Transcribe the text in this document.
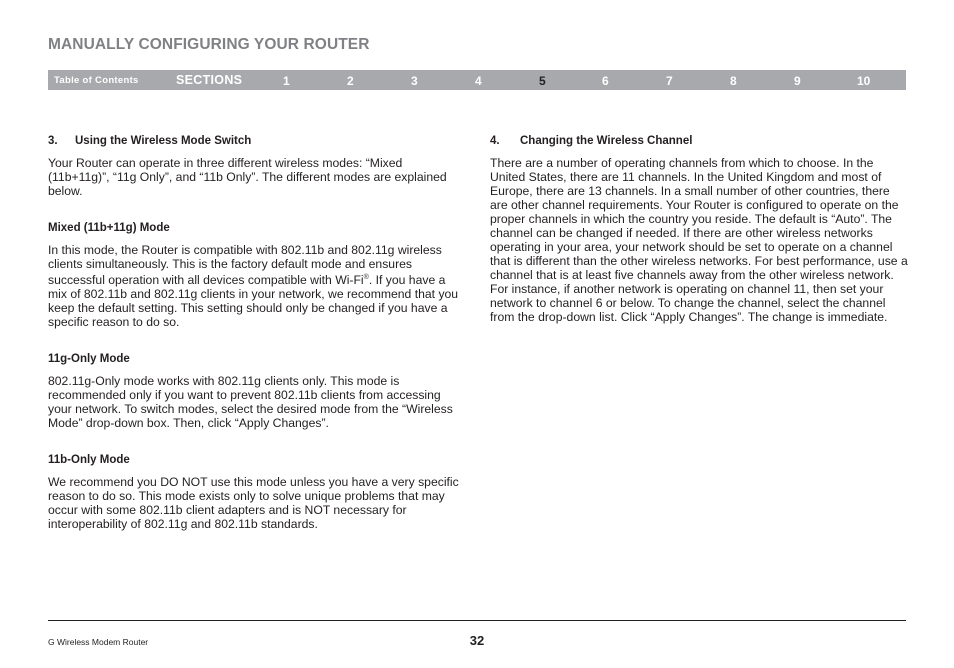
MANUALLY CONFIGURING YOUR ROUTER
Table of Contents	SECTIONS	1	2	3	4	5	6	7	8	9	10
3. Using the Wireless Mode Switch

Your Router can operate in three different wireless modes: “Mixed (11b+11g)”, “11g Only”, and “11b Only”. The different modes are explained below.

Mixed (11b+11g) Mode

In this mode, the Router is compatible with 802.11b and 802.11g wireless clients simultaneously. This is the factory default mode and ensures successful operation with all devices compatible with Wi-Fi®. If you have a mix of 802.11b and 802.11g clients in your network, we recommend that you keep the default setting. This setting should only be changed if you have a specific reason to do so.

11g-Only Mode

802.11g-Only mode works with 802.11g clients only. This mode is recommended only if you want to prevent 802.11b clients from accessing your network. To switch modes, select the desired mode from the “Wireless Mode” drop-down box. Then, click “Apply Changes”.

11b-Only Mode

We recommend you DO NOT use this mode unless you have a very specific reason to do so. This mode exists only to solve unique problems that may occur with some 802.11b client adapters and is NOT necessary for interoperability of 802.11g and 802.11b standards.

4. Changing the Wireless Channel

There are a number of operating channels from which to choose. In the United States, there are 11 channels. In the United Kingdom and most of Europe, there are 13 channels. In a small number of other countries, there are other channel requirements. Your Router is configured to operate on the proper channels in which the country you reside. The default is “Auto”. The channel can be changed if needed. If there are other wireless networks operating in your area, your network should be set to operate on a channel that is different than the other wireless networks. For best performance, use a channel that is at least five channels away from the other wireless network. For instance, if another network is operating on channel 11, then set your network to channel 6 or below. To change the channel, select the channel from the drop-down list. Click “Apply Changes”. The change is immediate.

G Wireless Modem Router	32
